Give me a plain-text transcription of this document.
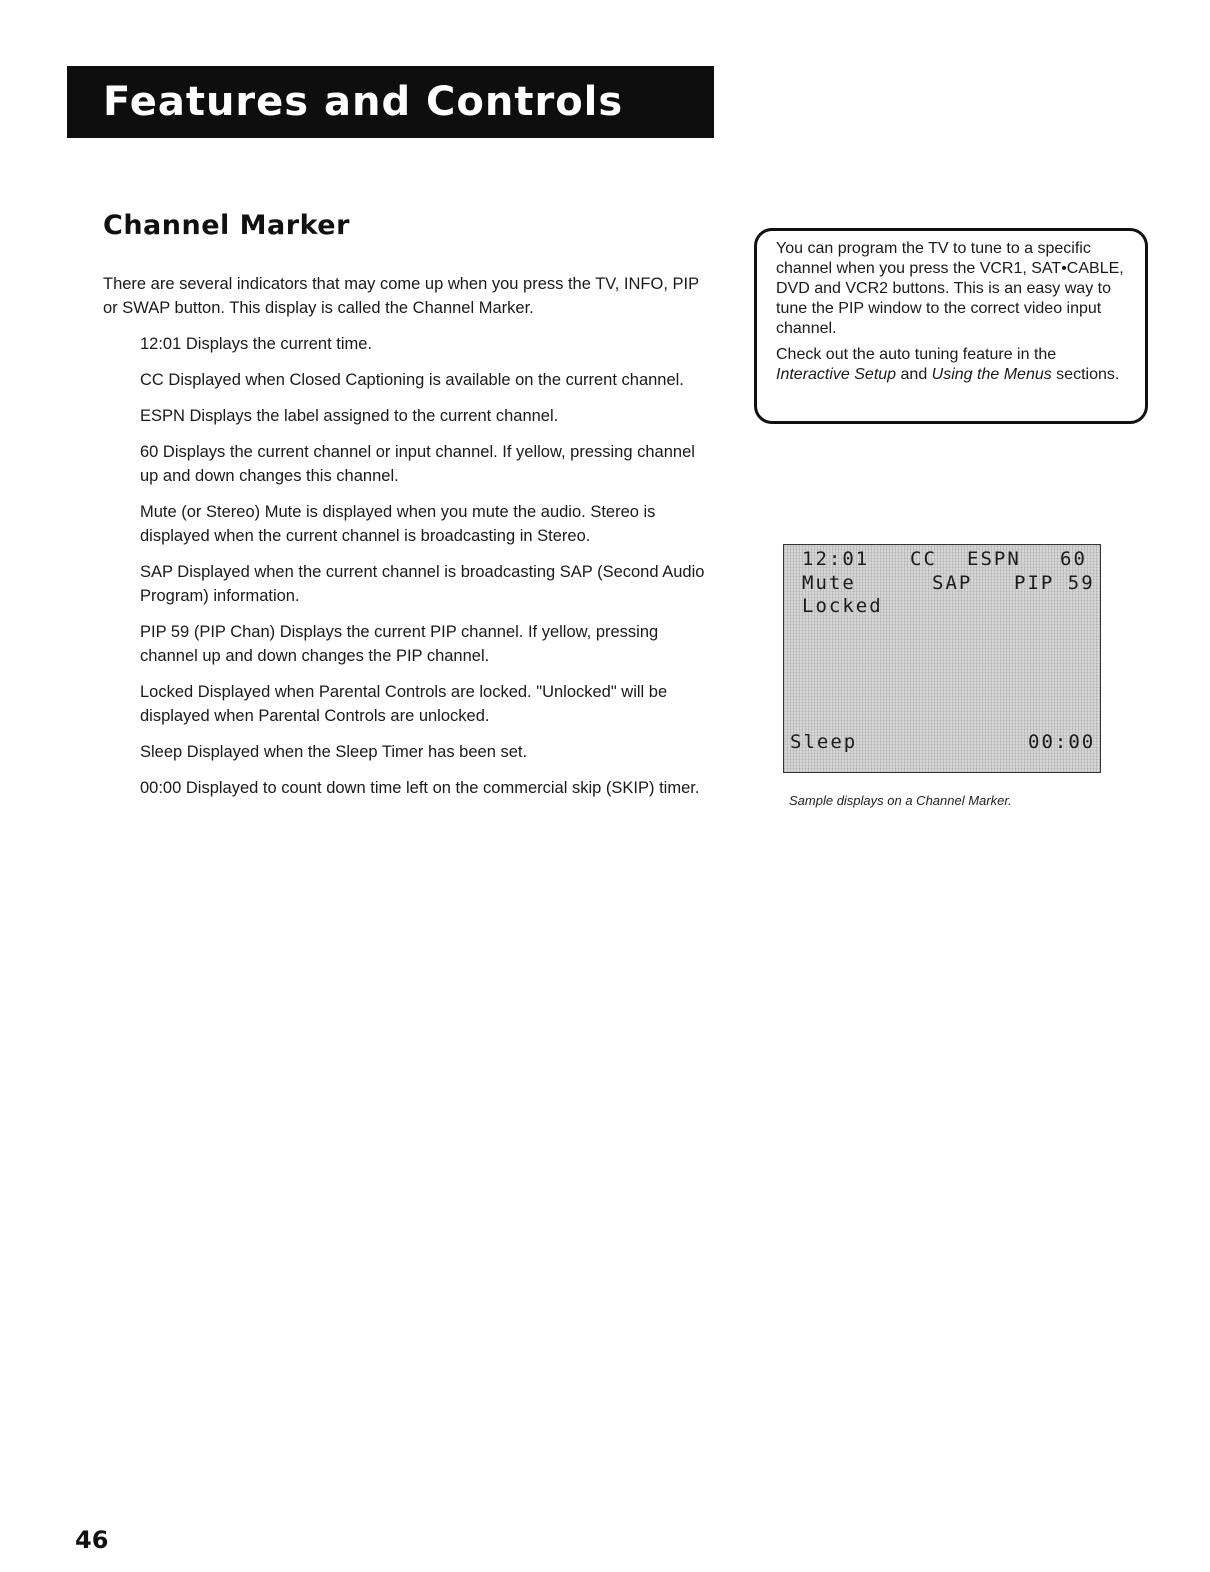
Features and Controls
Channel Marker

There are several indicators that may come up when you press the TV, INFO, PIP or SWAP button. This display is called the Channel Marker.

12:01 Displays the current time.
CC Displayed when Closed Captioning is available on the current channel.
ESPN Displays the label assigned to the current channel.
60 Displays the current channel or input channel. If yellow, pressing channel up and down changes this channel.
Mute (or Stereo) Mute is displayed when you mute the audio. Stereo is displayed when the current channel is broadcasting in Stereo.
SAP Displayed when the current channel is broadcasting SAP (Second Audio Program) information.
PIP 59 (PIP Chan) Displays the current PIP channel. If yellow, pressing channel up and down changes the PIP channel.
Locked Displayed when Parental Controls are locked. "Unlocked" will be displayed when Parental Controls are unlocked.
Sleep Displayed when the Sleep Timer has been set.
00:00 Displayed to count down time left on the commercial skip (SKIP) timer.

You can program the TV to tune to a specific channel when you press the VCR1, SAT•CABLE, DVD and VCR2 buttons. This is an easy way to tune the PIP window to the correct video input channel.

Check out the auto tuning feature in the Interactive Setup and Using the Menus sections.

12:01

CC

ESPN

60

Mute

	SAP

PIP 59

Locked

Sleep

	00:00

Sample displays on a Channel Marker.

46
